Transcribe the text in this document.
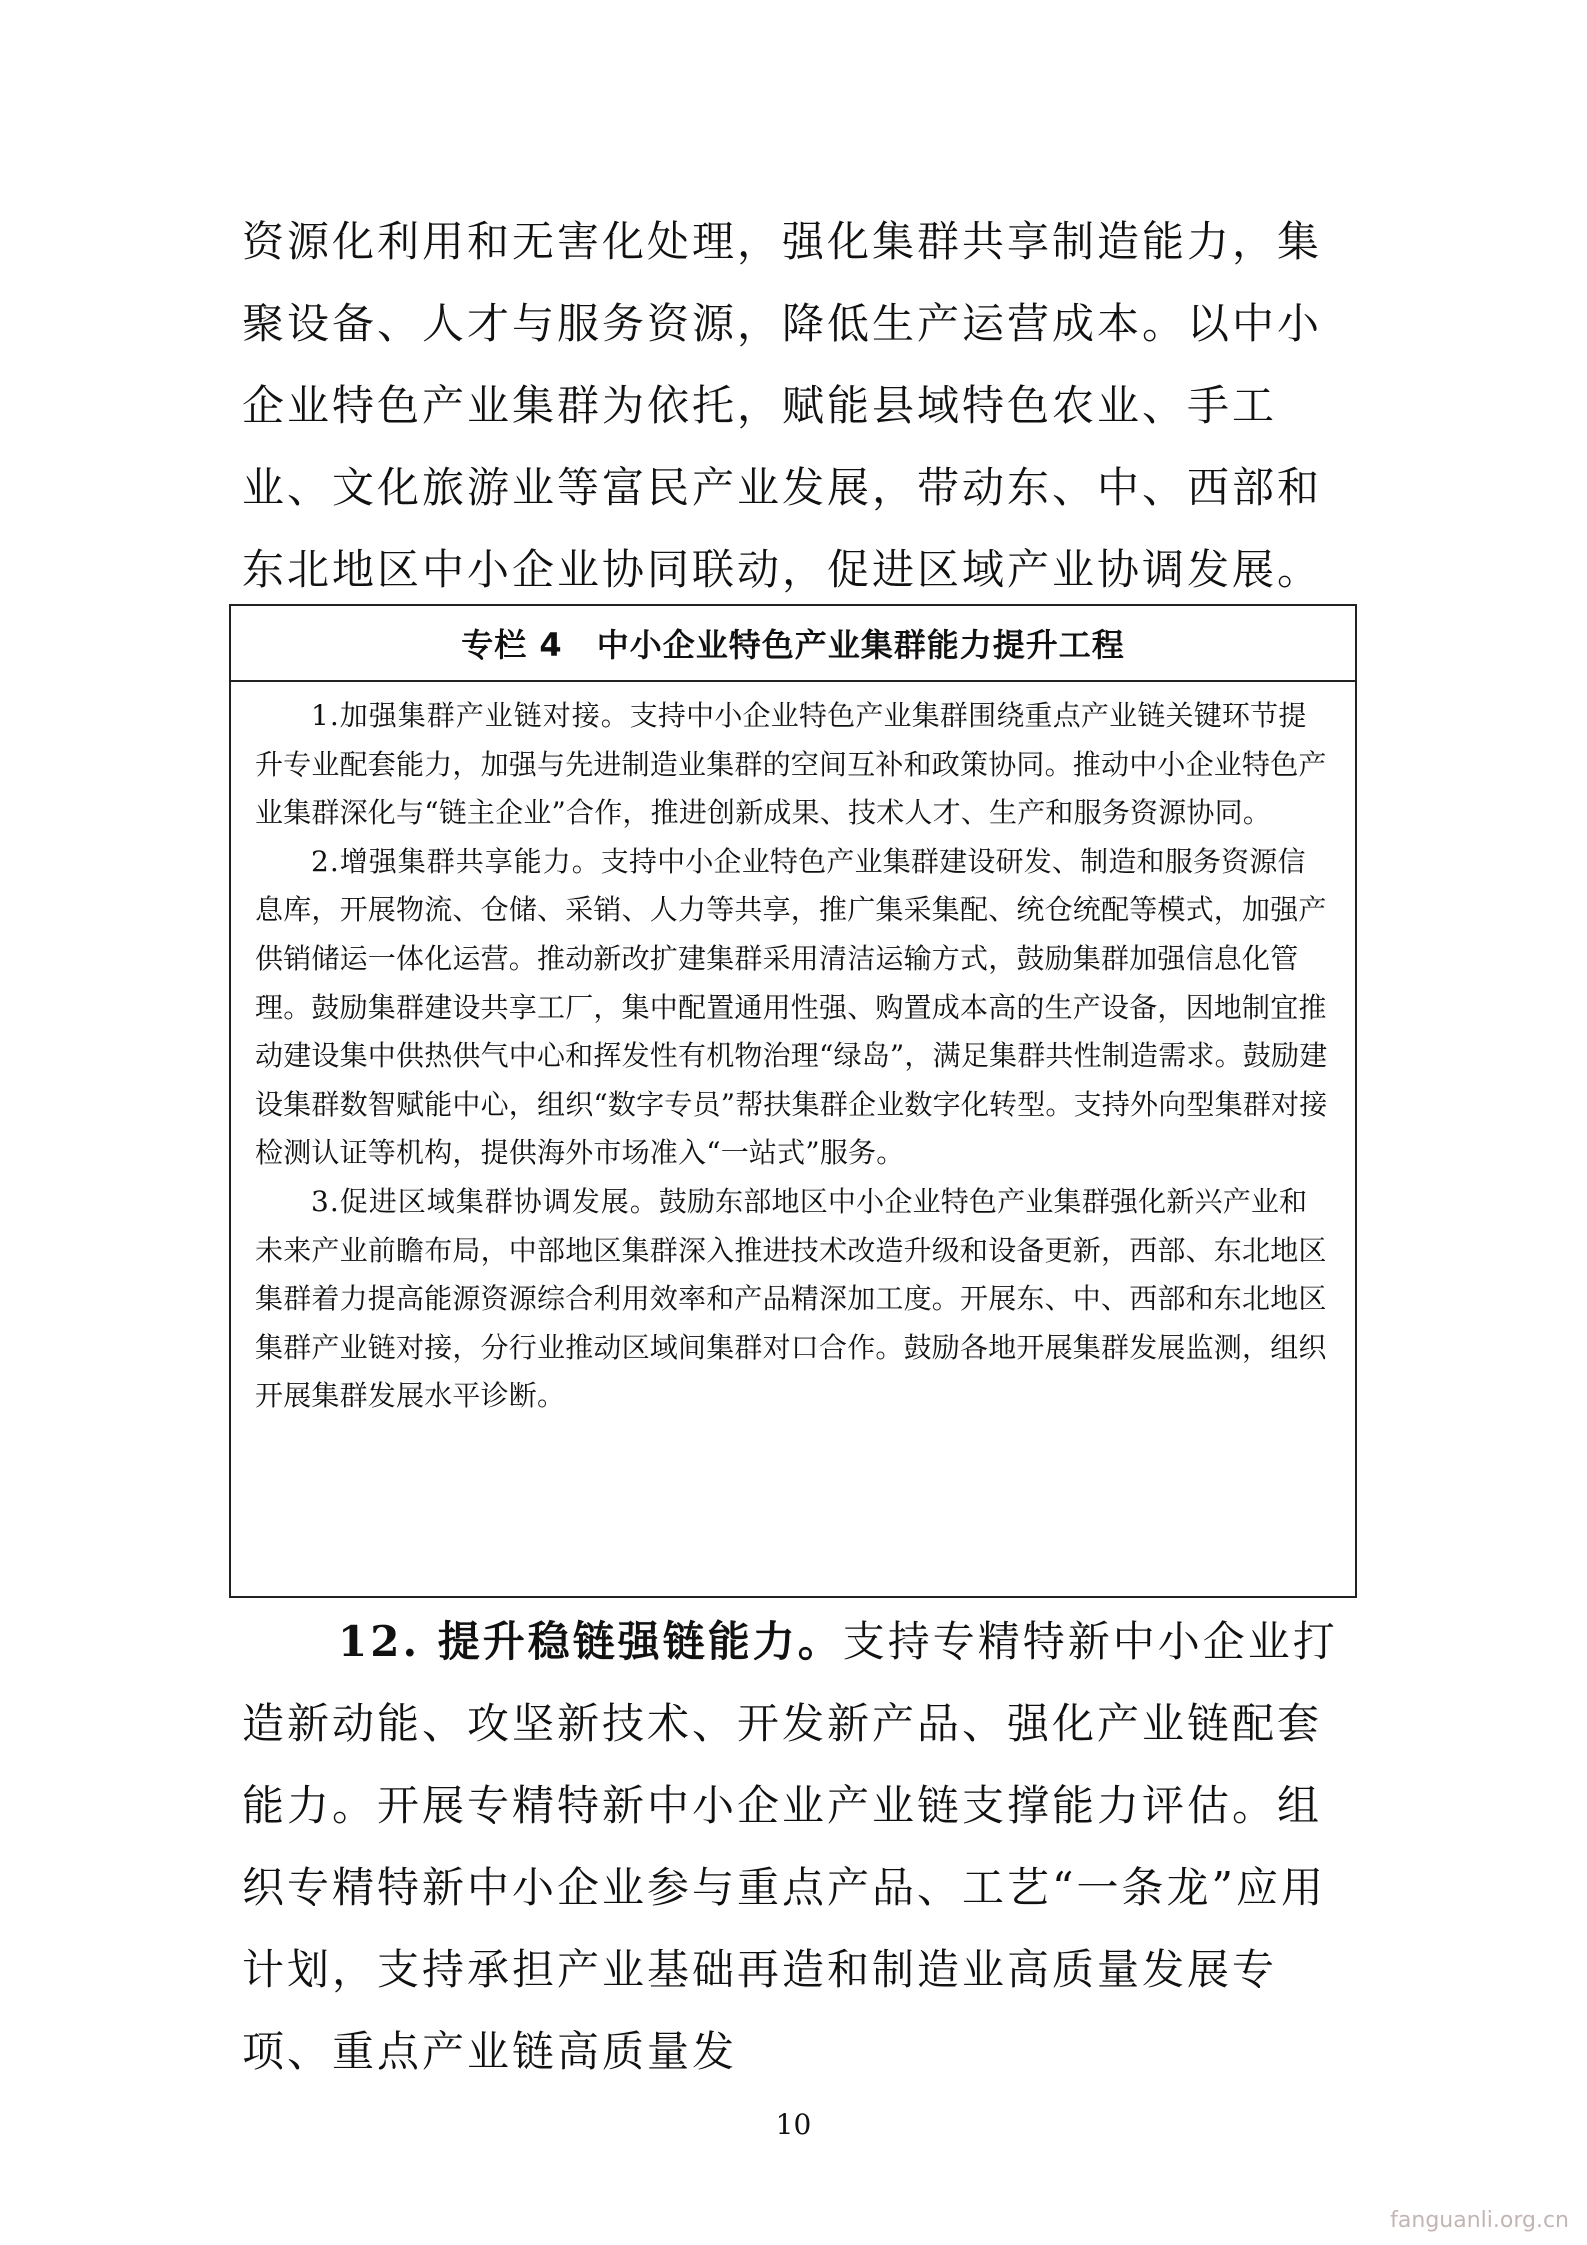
资源化利用和无害化处理，强化集群共享制造能力，集聚设备、人才与服务资源，降低生产运营成本。以中小企业特色产业集群为依托，赋能县域特色农业、手工业、文化旅游业等富民产业发展，带动东、中、西部和东北地区中小企业协同联动，促进区域产业协调发展。

专栏 4 中小企业特色产业集群能力提升工程

1.加强集群产业链对接。支持中小企业特色产业集群围绕重点产业链关键环节提升专业配套能力，加强与先进制造业集群的空间互补和政策协同。推动中小企业特色产业集群深化与“链主企业”合作，推进创新成果、技术人才、生产和服务资源协同。

2.增强集群共享能力。支持中小企业特色产业集群建设研发、制造和服务资源信息库，开展物流、仓储、采销、人力等共享，推广集采集配、统仓统配等模式，加强产供销储运一体化运营。推动新改扩建集群采用清洁运输方式，鼓励集群加强信息化管理。鼓励集群建设共享工厂，集中配置通用性强、购置成本高的生产设备，因地制宜推动建设集中供热供气中心和挥发性有机物治理“绿岛”，满足集群共性制造需求。鼓励建设集群数智赋能中心，组织“数字专员”帮扶集群企业数字化转型。支持外向型集群对接检测认证等机构，提供海外市场准入“一站式”服务。

3.促进区域集群协调发展。鼓励东部地区中小企业特色产业集群强化新兴产业和未来产业前瞻布局，中部地区集群深入推进技术改造升级和设备更新，西部、东北地区集群着力提高能源资源综合利用效率和产品精深加工度。开展东、中、西部和东北地区集群产业链对接，分行业推动区域间集群对口合作。鼓励各地开展集群发展监测，组织开展集群发展水平诊断。

12. 提升稳链强链能力。支持专精特新中小企业打造新动能、攻坚新技术、开发新产品、强化产业链配套能力。开展专精特新中小企业产业链支撑能力评估。组织专精特新中小企业参与重点产品、工艺“一条龙”应用计划，支持承担产业基础再造和制造业高质量发展专项、重点产业链高质量发

10
fanguanli.org.cn
